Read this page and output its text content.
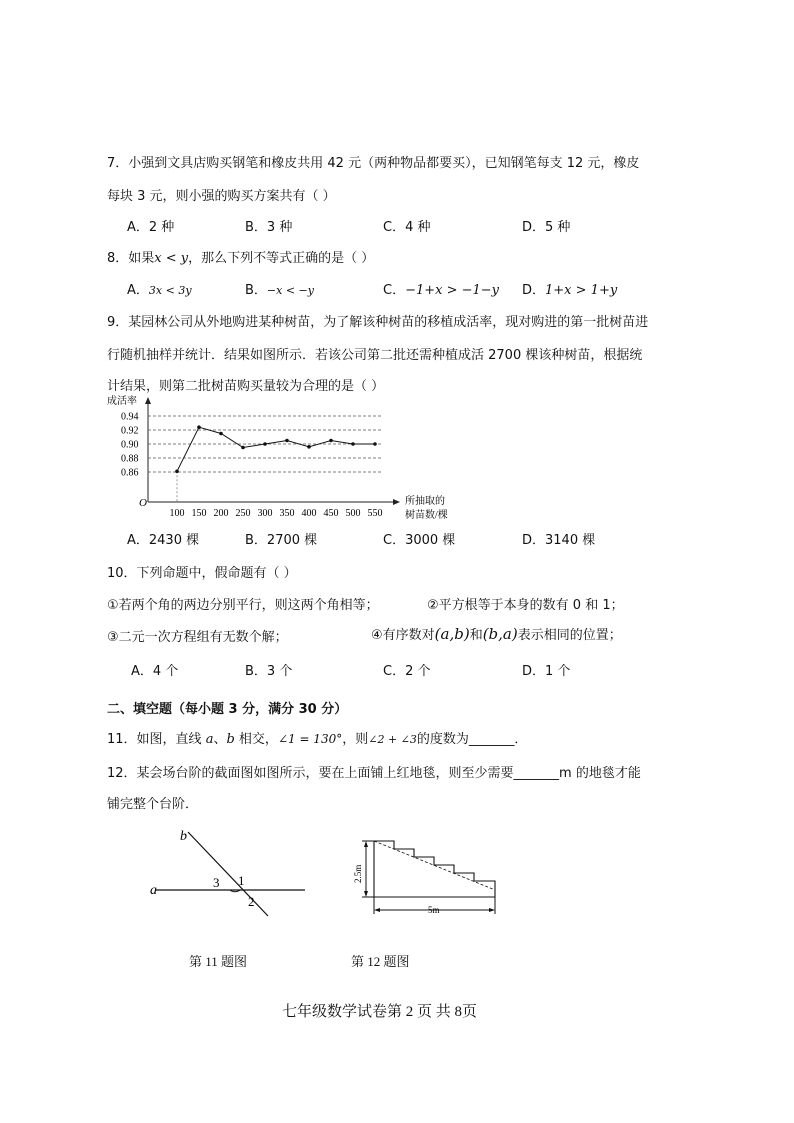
7．小强到文具店购买钢笔和橡皮共用 42 元（两种物品都要买），已知钢笔每支 12 元，橡皮
每块 3 元，则小强的购买方案共有（ ）
A．2 种	B．3 种	C．4 种	D．5 种
8．如果x < y，那么下列不等式正确的是（ ）
A．3x < 3y	B．−x < −y	C．−1+x > −1−y D．1+x > 1+y
9．某园林公司从外地购进某种树苗，为了解该种树苗的移植成活率，现对购进的第一批树苗进
行随机抽样并统计．结果如图所示．若该公司第二批还需种植成活 2700 棵该种树苗，根据统
计结果，则第二批树苗购买量较为合理的是（ ）
成活率
O	所抽取的
树苗数/棵
0.86
0.88
0.90
0.92
0.94
100 150 200 250 300 350 400 450 500 550
A．2430 棵	B．2700 棵	C．3000 棵	D．3140 棵
10．下列命题中，假命题有（ ）
①若两个角的两边分别平行，则这两个角相等；	②平方根等于本身的数有 0 和 1；
③二元一次方程组有无数个解；	④有序数对(a,b)和(b,a)表示相同的位置；
A．4 个	B．3 个	C．2 个	D．1 个
二、填空题（每小题 3 分，满分 30 分）
11．如图，直线 a、b 相交，∠1 = 130°，则∠2 + ∠3的度数为_______．
12．某会场台阶的截面图如图所示，要在上面铺上红地毯，则至少需要_______m 的地毯才能
铺完整个台阶．
a
b
1
2
3
第 11 题图
2.5m
5m
第 12 题图
七年级数学试卷第 2 页 共 8页
